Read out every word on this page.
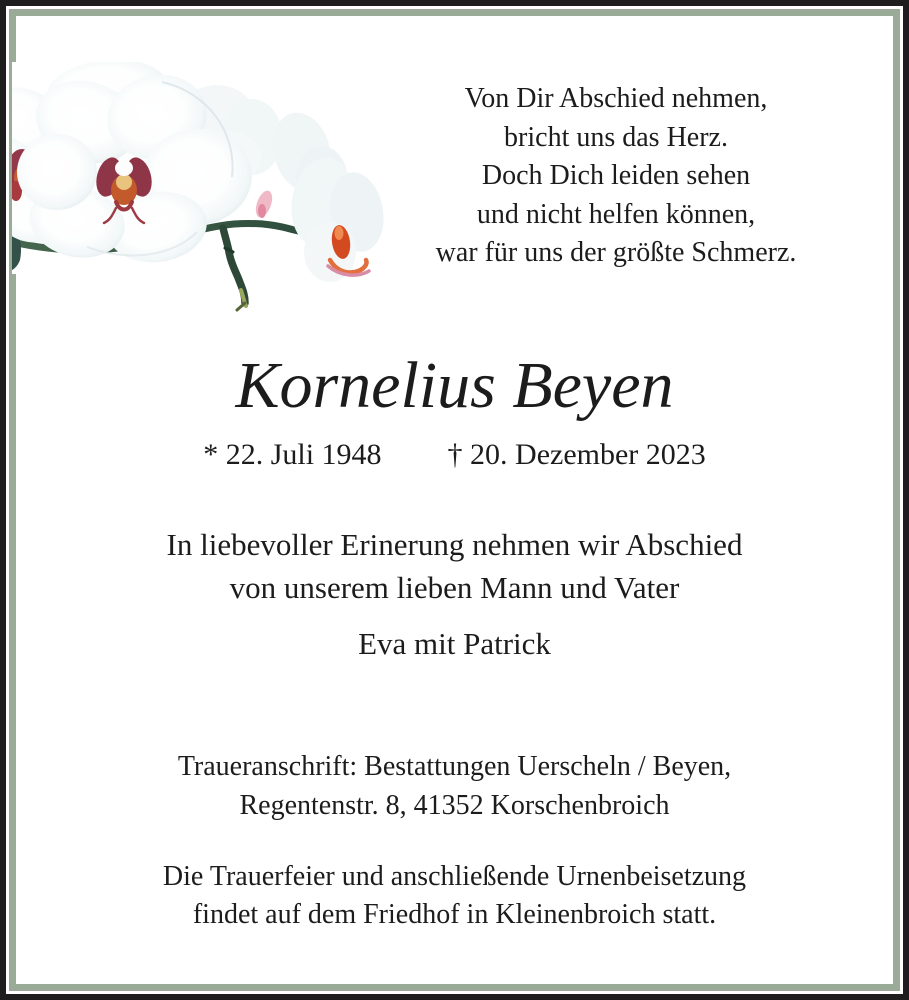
Von Dir Abschied nehmen,
bricht uns das Herz.
Doch Dich leiden sehen
und nicht helfen können,
war für uns der größte Schmerz.
Kornelius Beyen
* 22. Juli 1948 † 20. Dezember 2023
In liebevoller Erinerung nehmen wir Abschied
von unserem lieben Mann und Vater
Eva mit Patrick
Traueranschrift: Bestattungen Uerscheln / Beyen,
Regentenstr. 8, 41352 Korschenbroich
Die Trauerfeier und anschließende Urnenbeisetzung
findet auf dem Friedhof in Kleinenbroich statt.
